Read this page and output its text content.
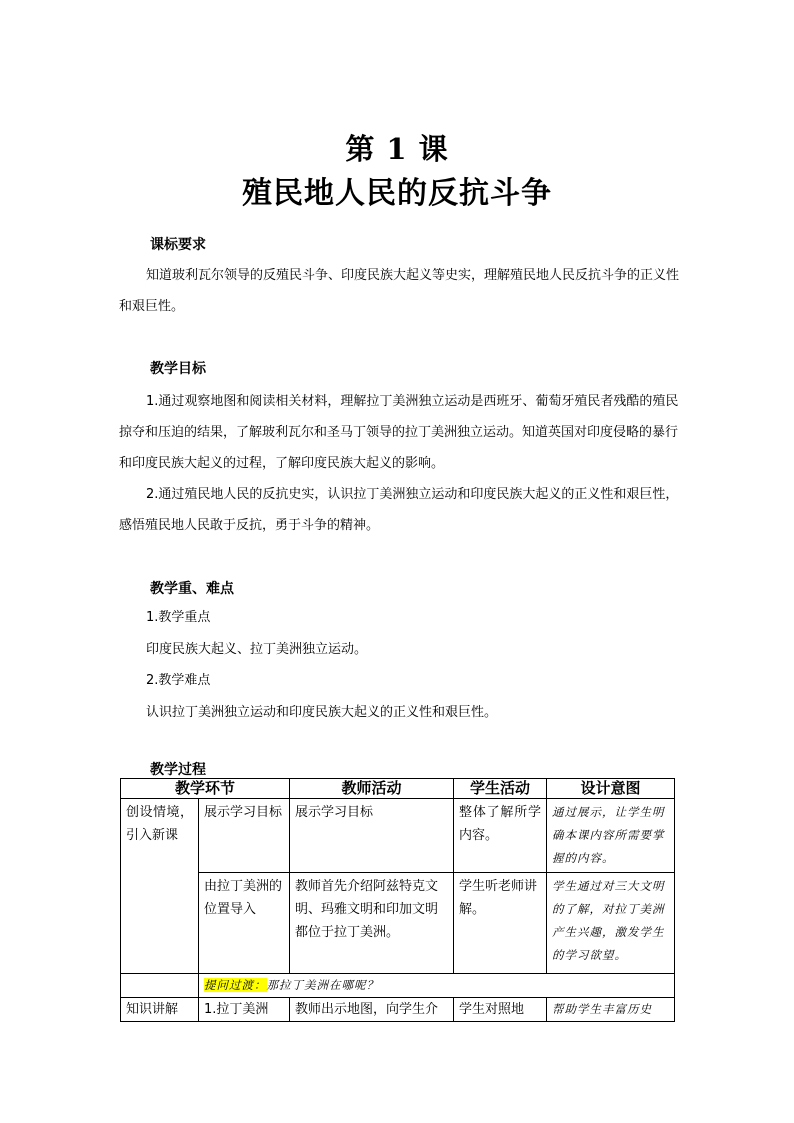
第 1 课
殖民地人民的反抗斗争
课标要求
知道玻利瓦尔领导的反殖民斗争、印度民族大起义等史实，理解殖民地人民反抗斗争的正义性和艰巨性。
教学目标
1.通过观察地图和阅读相关材料，理解拉丁美洲独立运动是西班牙、葡萄牙殖民者残酷的殖民掠夺和压迫的结果，了解玻利瓦尔和圣马丁领导的拉丁美洲独立运动。知道英国对印度侵略的暴行和印度民族大起义的过程，了解印度民族大起义的影响。
2.通过殖民地人民的反抗史实，认识拉丁美洲独立运动和印度民族大起义的正义性和艰巨性，感悟殖民地人民敢于反抗，勇于斗争的精神。
教学重、难点
1.教学重点
印度民族大起义、拉丁美洲独立运动。
2.教学难点
认识拉丁美洲独立运动和印度民族大起义的正义性和艰巨性。
教学过程
教学环节		教师活动	学生活动	设计意图
创设情境，引入新课	展示学习目标	展示学习目标	整体了解所学内容。	通过展示，让学生明确本课内容所需要掌握的内容。
	由拉丁美洲的位置导入	教师首先介绍阿兹特克文明、玛雅文明和印加文明都位于拉丁美洲。	学生听老师讲解。	学生通过对三大文明的了解，对拉丁美洲产生兴趣，激发学生的学习欲望。
	提问过渡：那拉丁美洲在哪呢？			
知识讲解	1.拉丁美洲	教师出示地图，向学生介	学生对照地	帮助学生丰富历史
